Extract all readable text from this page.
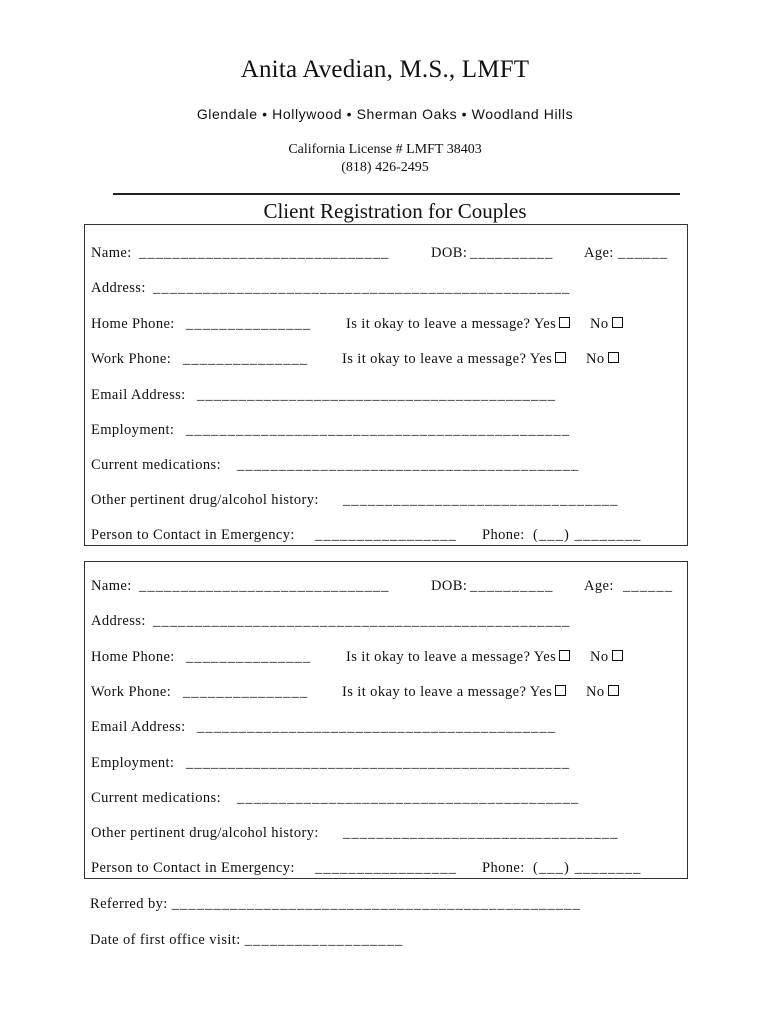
Anita Avedian, M.S., LMFT
Glendale • Hollywood • Sherman Oaks • Woodland Hills
California License # LMFT 38403
(818) 426-2495
Client Registration for Couples
Name: ______________________________	DOB: __________ Age: ______
Address: __________________________________________________
Home Phone: _______________ Is it okay to leave a message? Yes	No
Work Phone: _______________ Is it okay to leave a message? Yes	No
Email Address: ___________________________________________
Employment: ______________________________________________
Current medications: _________________________________________
Other pertinent drug/alcohol history: _________________________________
Person to Contact in Emergency: _________________ Phone: (___) ________
Name: ______________________________	DOB: __________ Age: ______
Address: __________________________________________________
Home Phone: _______________ Is it okay to leave a message? Yes	No
Work Phone: _______________ Is it okay to leave a message? Yes	No
Email Address: ___________________________________________
Employment: ______________________________________________
Current medications: _________________________________________
Other pertinent drug/alcohol history: _________________________________
Person to Contact in Emergency: _________________ Phone: (___) ________
Referred by: _________________________________________________
Date of first office visit: ___________________
